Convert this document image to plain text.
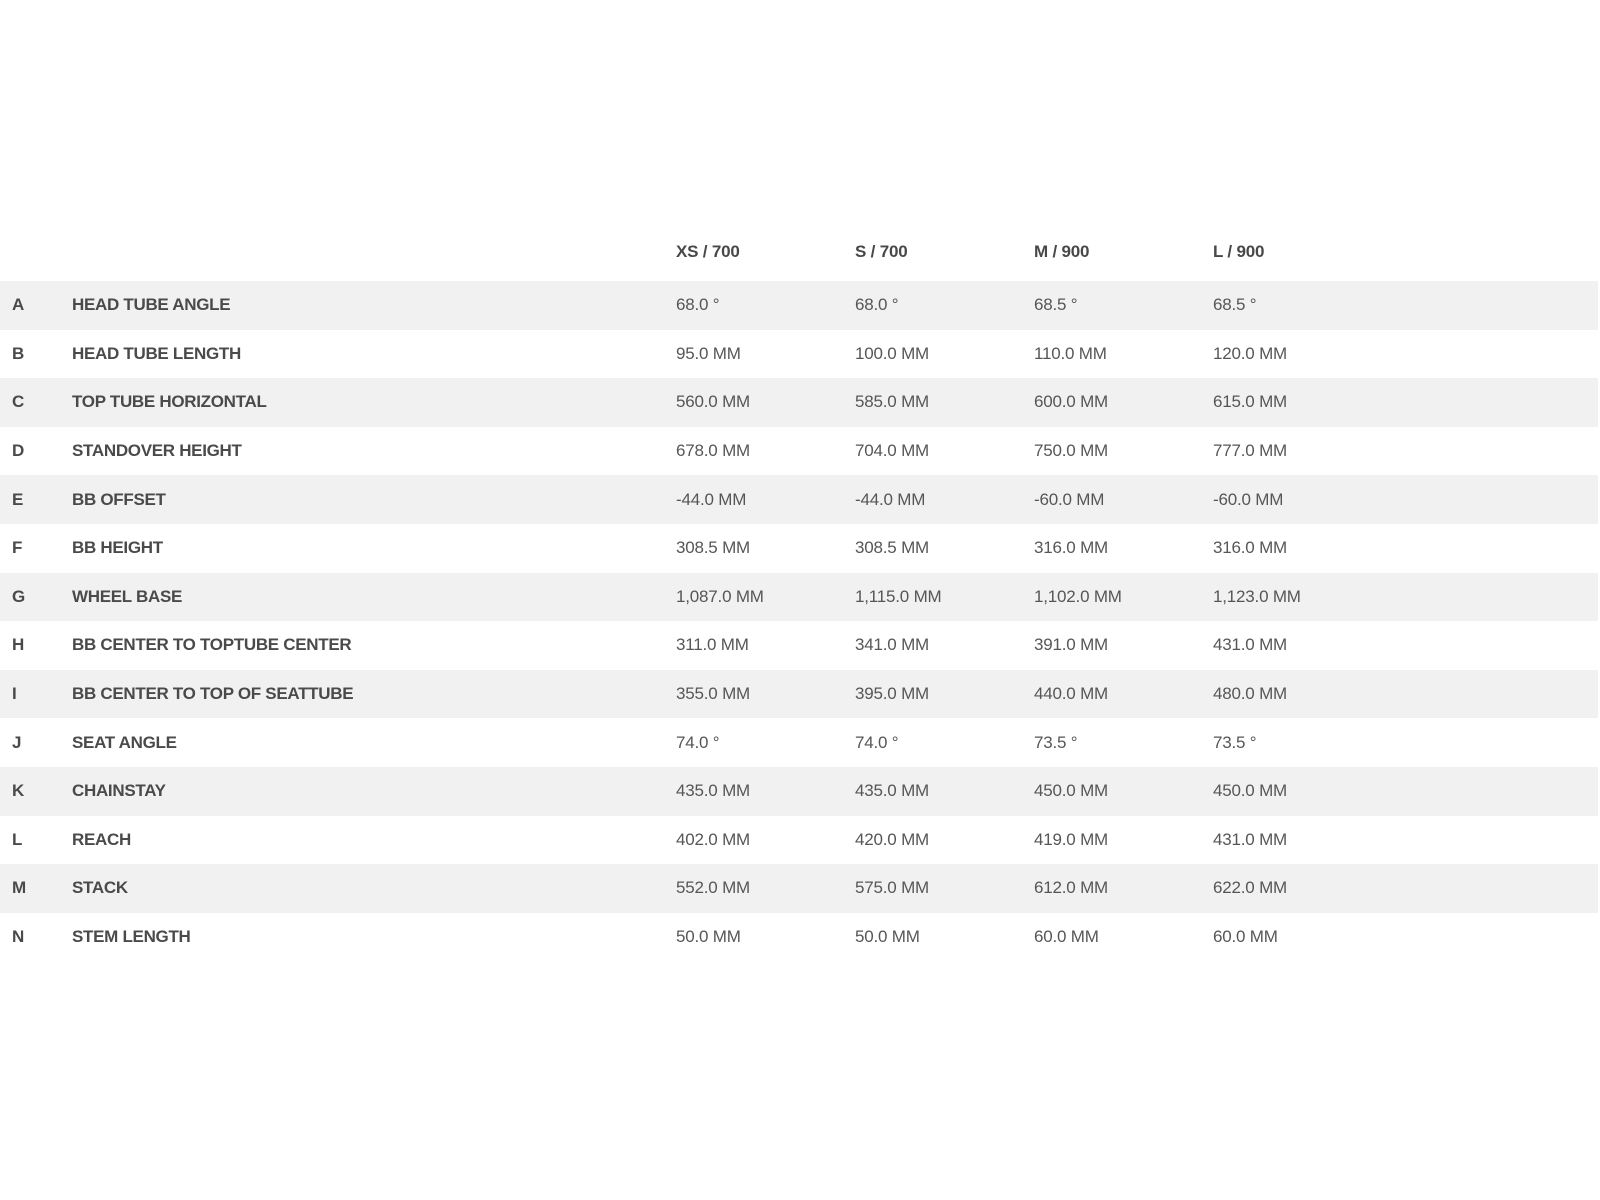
		XS / 700	S / 700	M / 900	L / 900	
A	HEAD TUBE ANGLE	68.0 °	68.0 °	68.5 °	68.5 °	
B	HEAD TUBE LENGTH	95.0 MM	100.0 MM	110.0 MM	120.0 MM	
C	TOP TUBE HORIZONTAL	560.0 MM	585.0 MM	600.0 MM	615.0 MM	
D	STANDOVER HEIGHT	678.0 MM	704.0 MM	750.0 MM	777.0 MM	
E	BB OFFSET	-44.0 MM	-44.0 MM	-60.0 MM	-60.0 MM	
F	BB HEIGHT	308.5 MM	308.5 MM	316.0 MM	316.0 MM	
G	WHEEL BASE	1,087.0 MM	1,115.0 MM	1,102.0 MM	1,123.0 MM	
H	BB CENTER TO TOPTUBE CENTER	311.0 MM	341.0 MM	391.0 MM	431.0 MM	
I	BB CENTER TO TOP OF SEATTUBE	355.0 MM	395.0 MM	440.0 MM	480.0 MM	
J	SEAT ANGLE	74.0 °	74.0 °	73.5 °	73.5 °	
K	CHAINSTAY	435.0 MM	435.0 MM	450.0 MM	450.0 MM	
L	REACH	402.0 MM	420.0 MM	419.0 MM	431.0 MM	
M	STACK	552.0 MM	575.0 MM	612.0 MM	622.0 MM	
N	STEM LENGTH	50.0 MM	50.0 MM	60.0 MM	60.0 MM	
